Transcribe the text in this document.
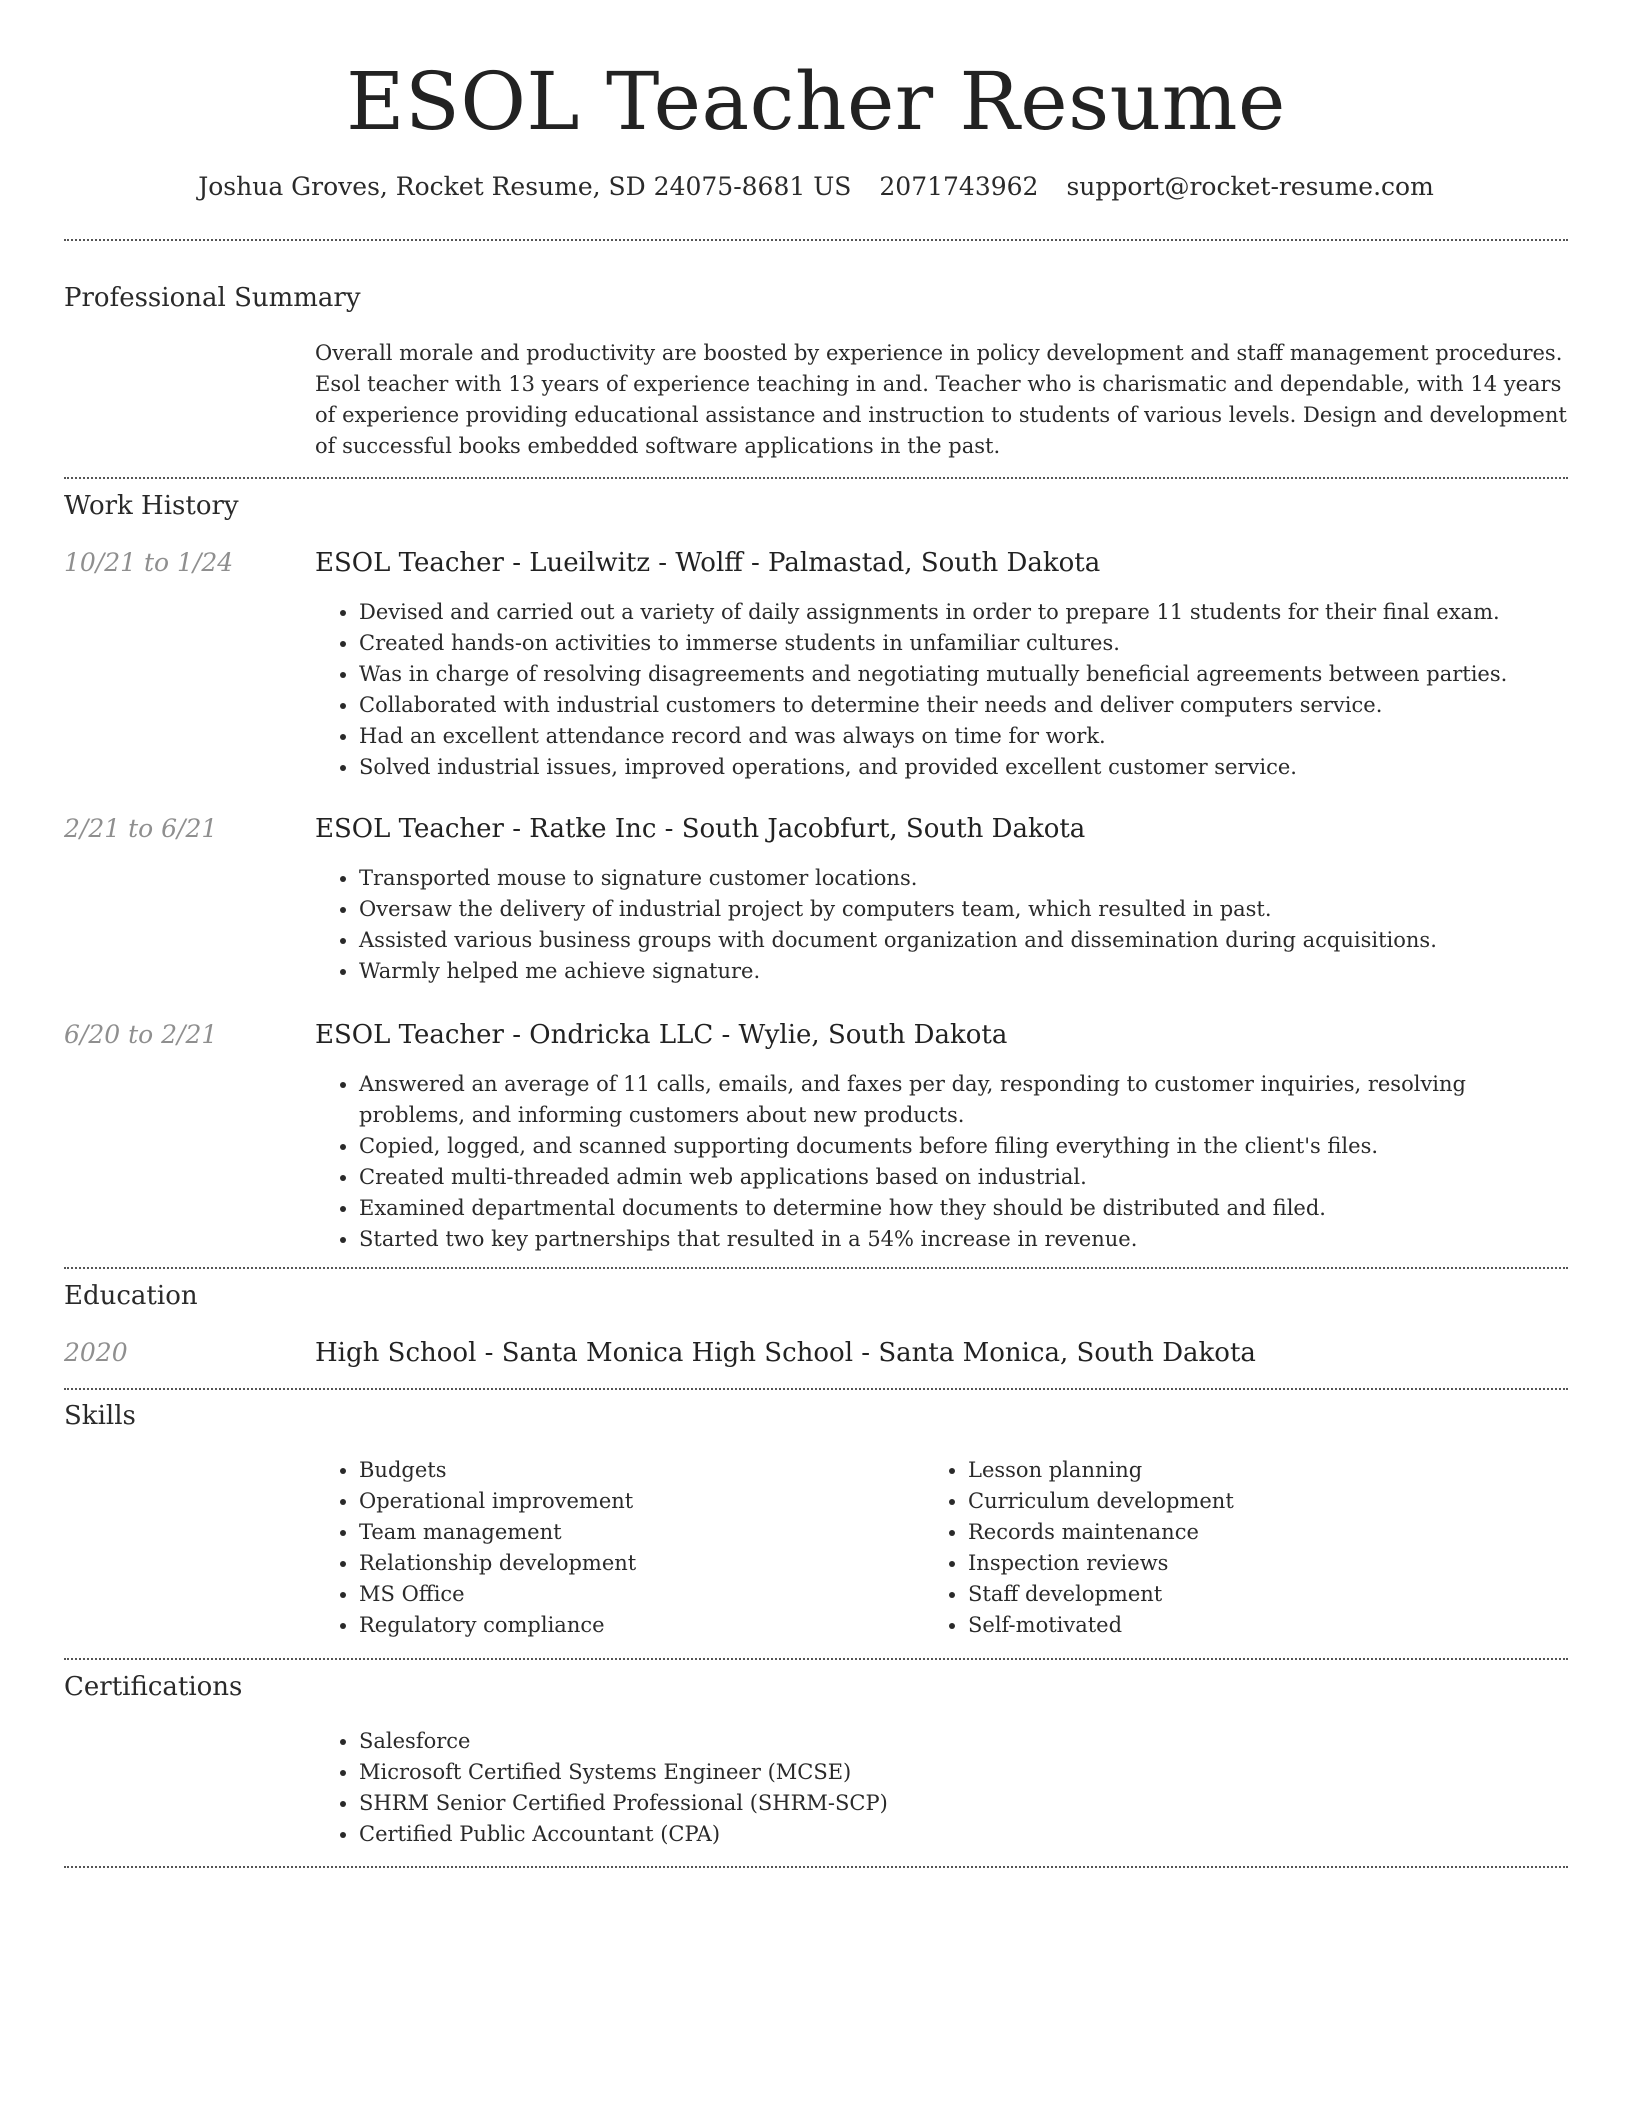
ESOL Teacher Resume
Joshua Groves, Rocket Resume, SD 24075-8681 US 2071743962 support@rocket-resume.com
Professional Summary

Overall morale and productivity are boosted by experience in policy development and staff management procedures. Esol teacher with 13 years of experience teaching in and. Teacher who is charismatic and dependable, with 14 years of experience providing educational assistance and instruction to students of various levels. Design and development of successful books embedded software applications in the past.

Work History
10/21 to 1/24	ESOL Teacher - Lueilwitz - Wolff - Palmastad, South Dakota
• Devised and carried out a variety of daily assignments in order to prepare 11 students for their final exam.
• Created hands-on activities to immerse students in unfamiliar cultures.
• Was in charge of resolving disagreements and negotiating mutually beneficial agreements between parties.
• Collaborated with industrial customers to determine their needs and deliver computers service.
• Had an excellent attendance record and was always on time for work.
• Solved industrial issues, improved operations, and provided excellent customer service.
2/21 to 6/21	ESOL Teacher - Ratke Inc - South Jacobfurt, South Dakota
• Transported mouse to signature customer locations.
• Oversaw the delivery of industrial project by computers team, which resulted in past.
• Assisted various business groups with document organization and dissemination during acquisitions.
• Warmly helped me achieve signature.
6/20 to 2/21	ESOL Teacher - Ondricka LLC - Wylie, South Dakota
• Answered an average of 11 calls, emails, and faxes per day, responding to customer inquiries, resolving problems, and informing customers about new products.
• Copied, logged, and scanned supporting documents before filing everything in the client's files.
• Created multi-threaded admin web applications based on industrial.
• Examined departmental documents to determine how they should be distributed and filed.
• Started two key partnerships that resulted in a 54% increase in revenue.
Education
2020	High School - Santa Monica High School - Santa Monica, South Dakota
Skills
• Budgets
• Operational improvement
• Team management
• Relationship development
• MS Office
• Regulatory compliance
• Lesson planning
• Curriculum development
• Records maintenance
• Inspection reviews
• Staff development
• Self-motivated
Certifications
• Salesforce
• Microsoft Certified Systems Engineer (MCSE)
• SHRM Senior Certified Professional (SHRM-SCP)
• Certified Public Accountant (CPA)
